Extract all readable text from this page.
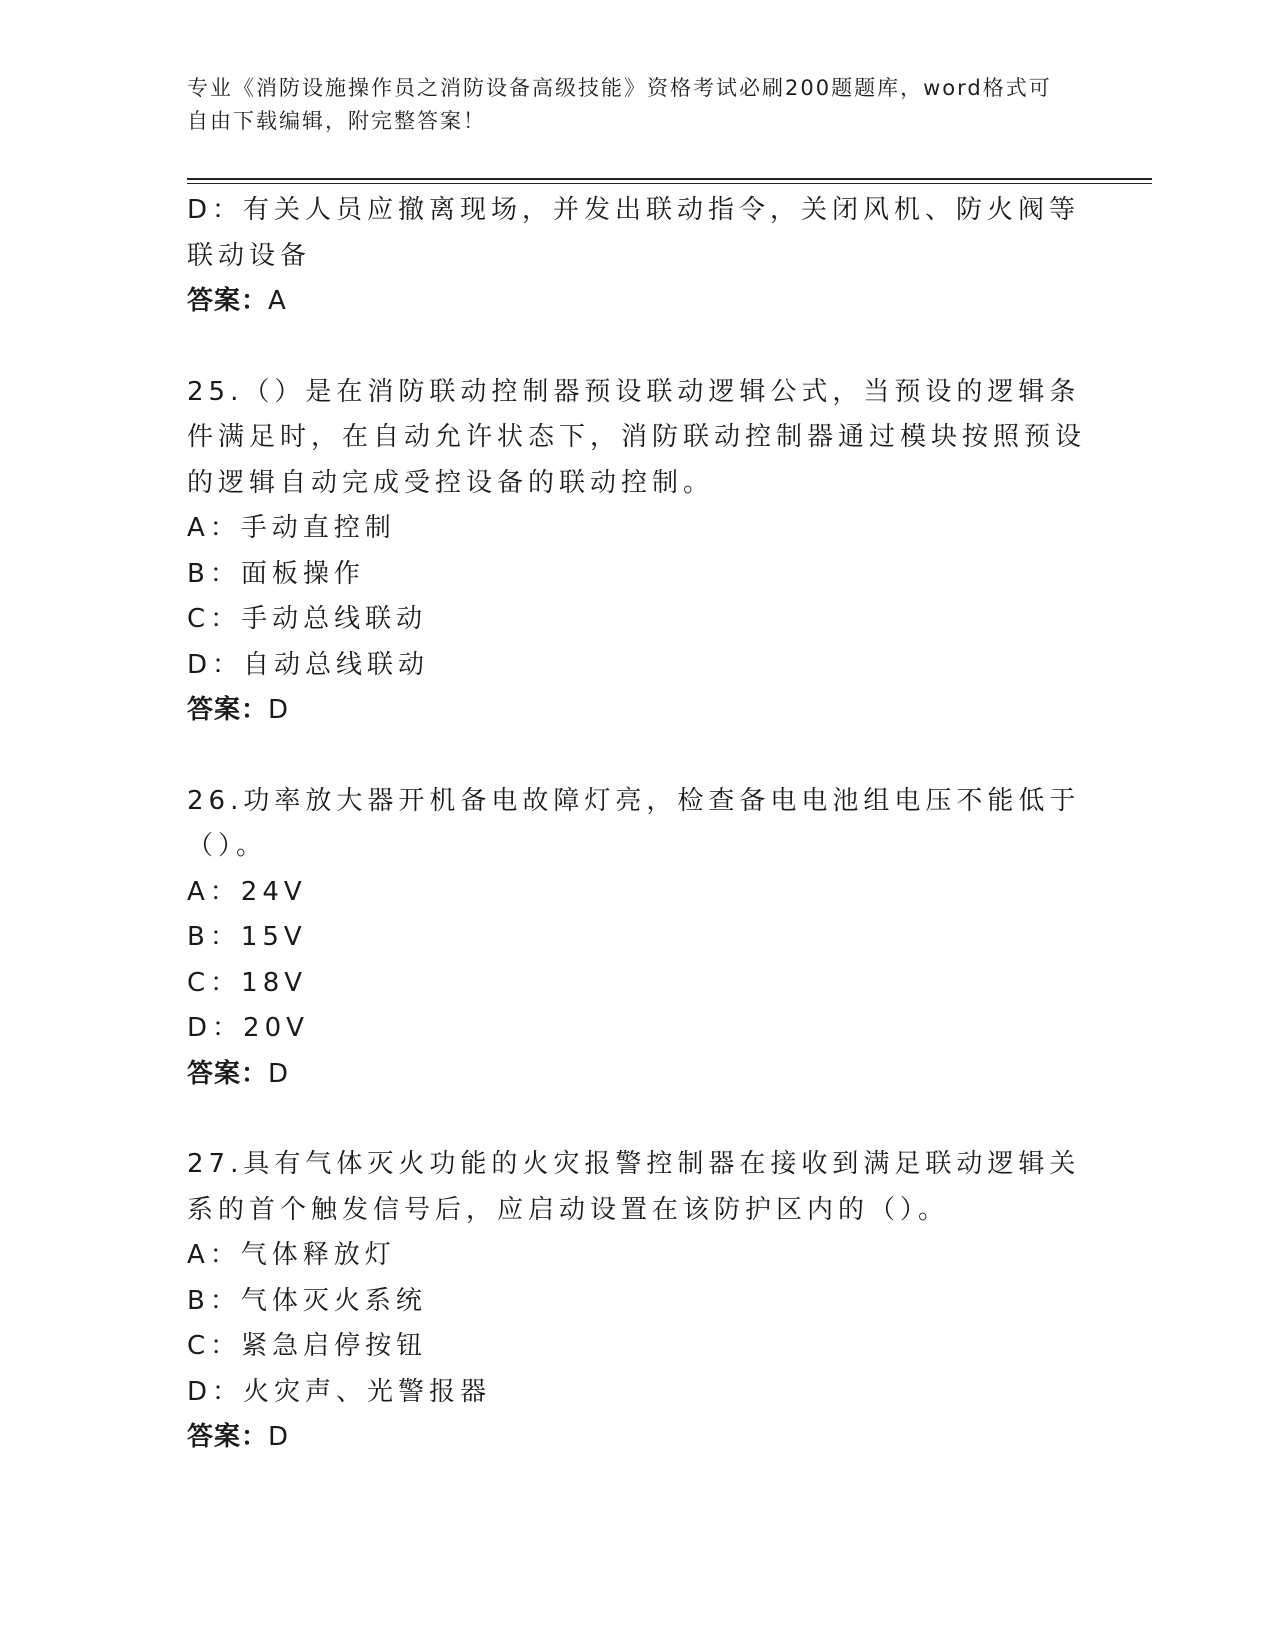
专业《消防设施操作员之消防设备高级技能》资格考试必刷200题题库，word格式可自由下载编辑，附完整答案！

D：有关人员应撤离现场，并发出联动指令，关闭风机、防火阀等联动设备

答案：A

25.（）是在消防联动控制器预设联动逻辑公式，当预设的逻辑条件满足时，在自动允许状态下，消防联动控制器通过模块按照预设的逻辑自动完成受控设备的联动控制。

A：手动直控制

B：面板操作

C：手动总线联动

D：自动总线联动

答案：D

26.功率放大器开机备电故障灯亮，检查备电电池组电压不能低于（）。

A：24V

B：15V

C：18V

D：20V

答案：D

27.具有气体灭火功能的火灾报警控制器在接收到满足联动逻辑关系的首个触发信号后，应启动设置在该防护区内的（）。

A：气体释放灯

B：气体灭火系统

C：紧急启停按钮

D：火灾声、光警报器

答案：D
